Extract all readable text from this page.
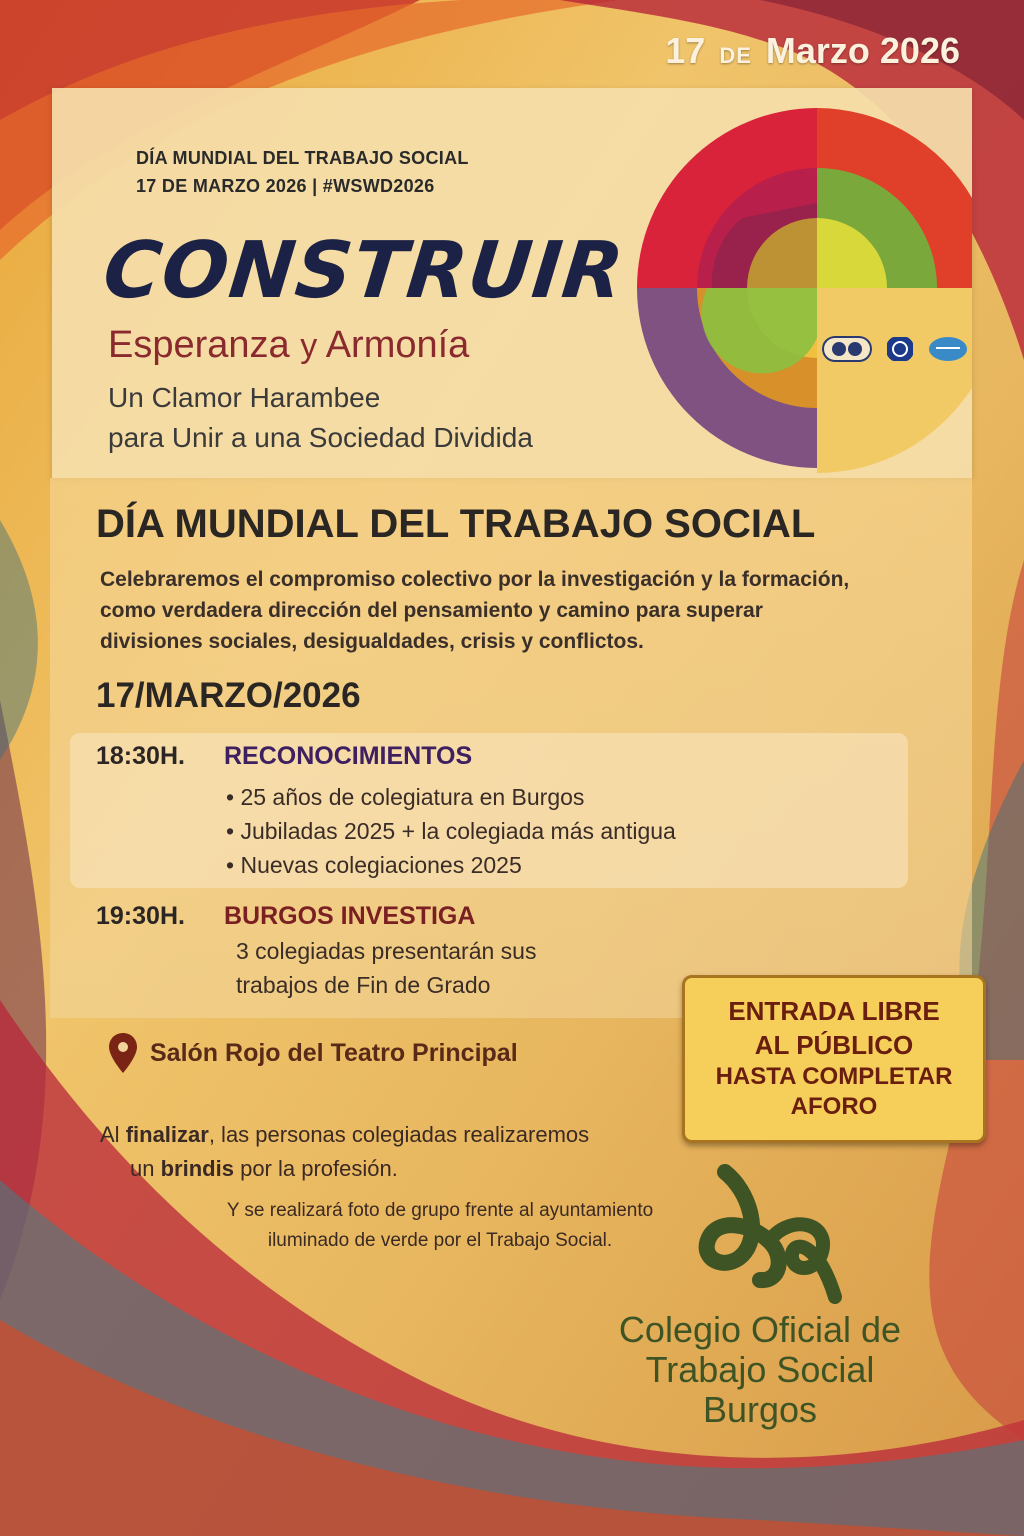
17 DE Marzo 2026
DÍA MUNDIAL DEL TRABAJO SOCIAL
17 DE MARZO 2026 | #WSWD2026
CONSTRUIR
Esperanza y Armonía
Un Clamor Harambee
para Unir a una Sociedad Dividida
DÍA MUNDIAL DEL TRABAJO SOCIAL
Celebraremos el compromiso colectivo por la investigación y la formación,
como verdadera dirección del pensamiento y camino para superar
divisiones sociales, desigualdades, crisis y conflictos.
17/MARZO/2026
18:30H. RECONOCIMIENTOS
• 25 años de colegiatura en Burgos
• Jubiladas 2025 + la colegiada más antigua
• Nuevas colegiaciones 2025
19:30H. BURGOS INVESTIGA
3 colegiadas presentarán sus
trabajos de Fin de Grado
Salón Rojo del Teatro Principal
ENTRADA LIBRE
AL PÚBLICO
HASTA COMPLETAR
AFORO
Al finalizar, las personas colegiadas realizaremos
un brindis por la profesión.
Y se realizará foto de grupo frente al ayuntamiento
iluminado de verde por el Trabajo Social.
Colegio Oficial de
Trabajo Social
Burgos
